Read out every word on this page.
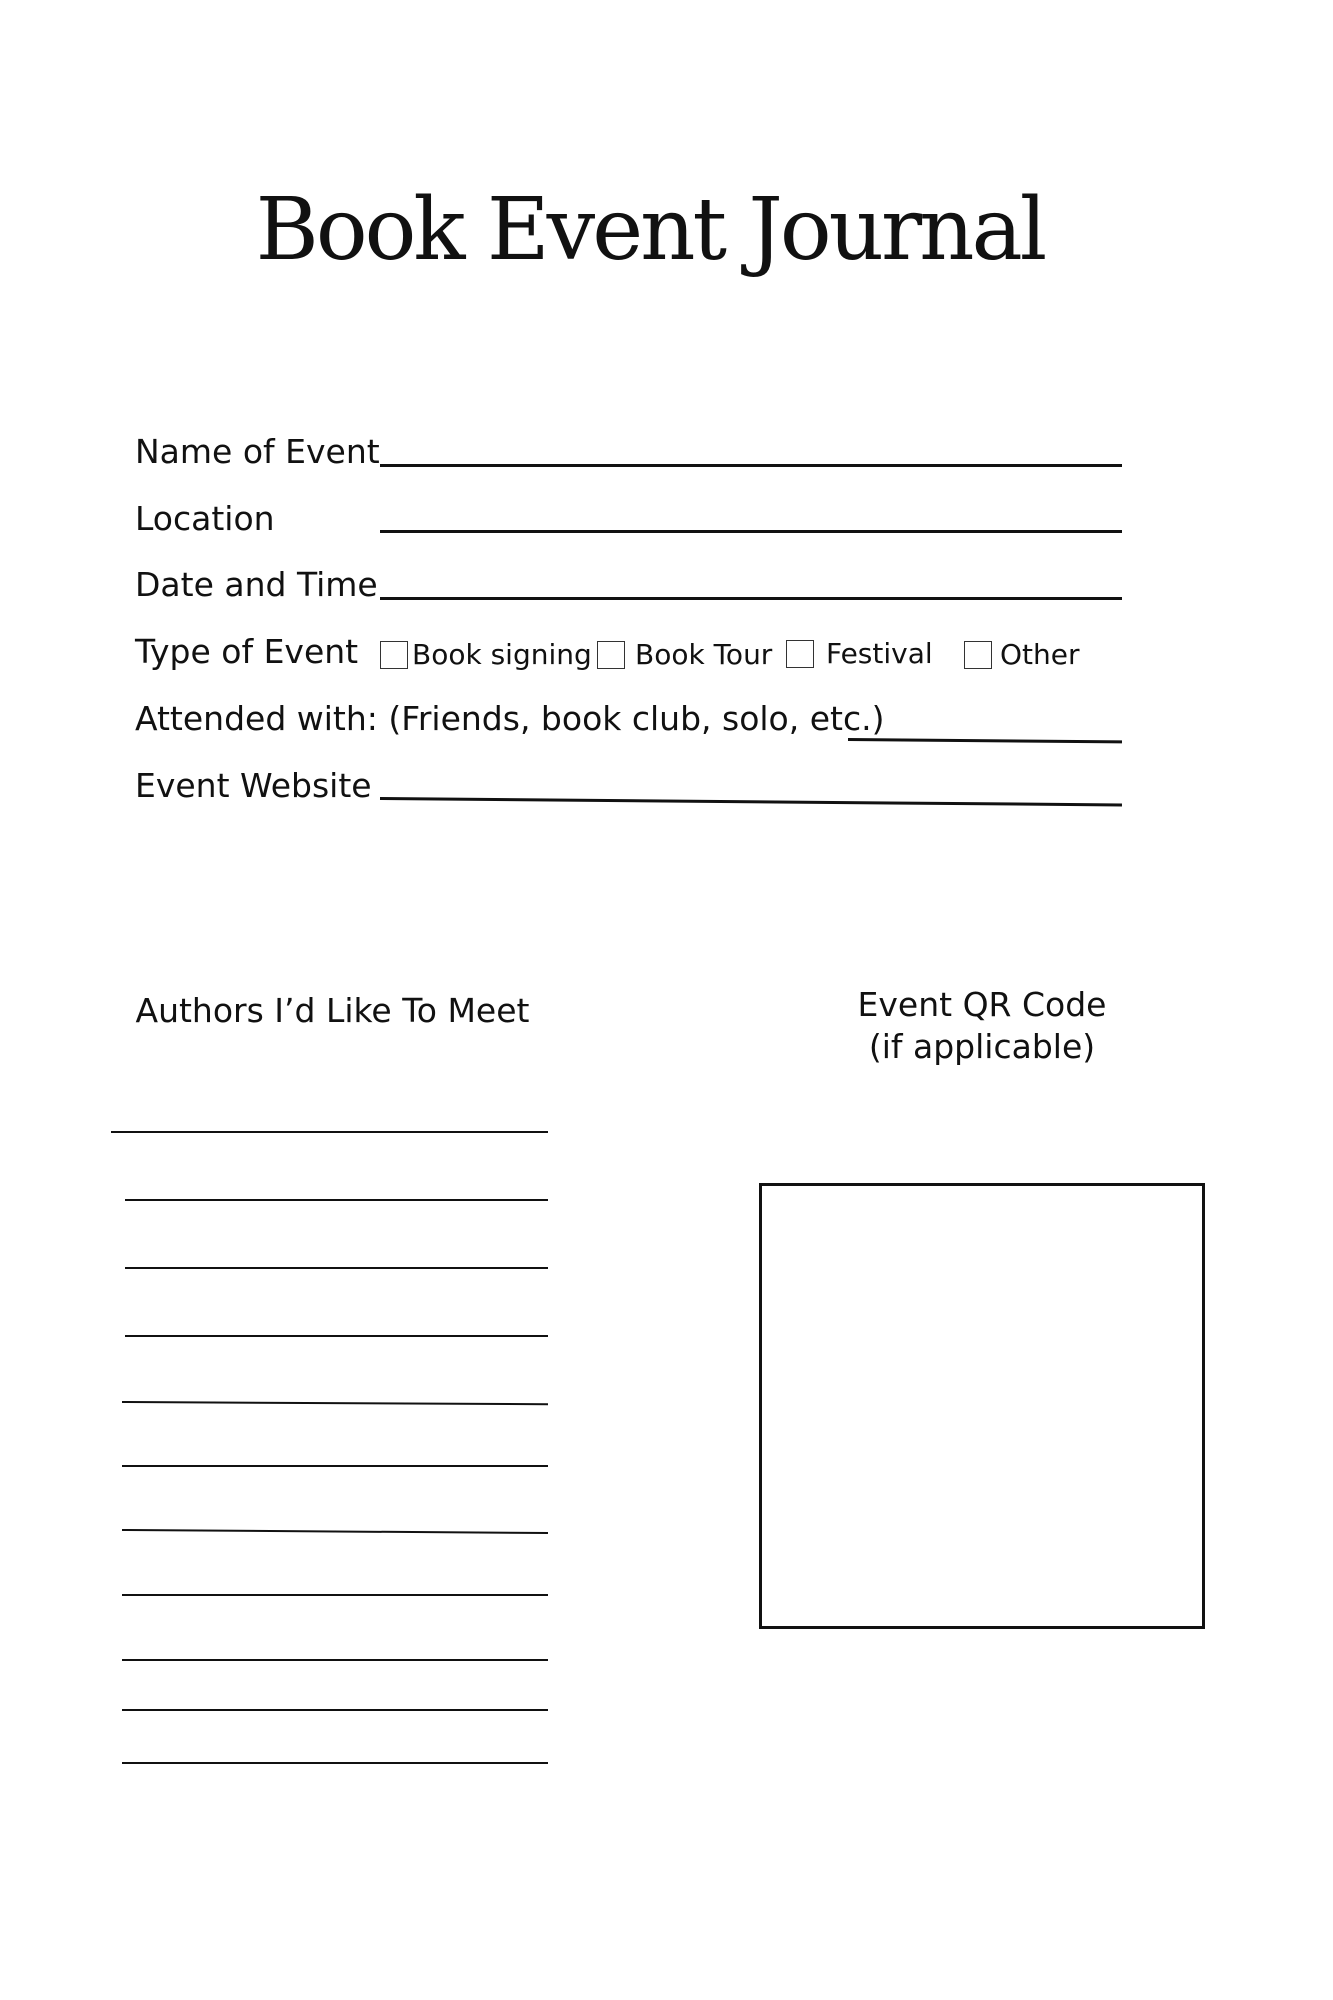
Book Event Journal
Name of Event
Location
Date and Time
Type of Event Book signing Book Tour Festival Other
Attended with: (Friends, book club, solo, etc.)
Event Website
Authors I’d Like To Meet	Event QR Code
(if applicable)
